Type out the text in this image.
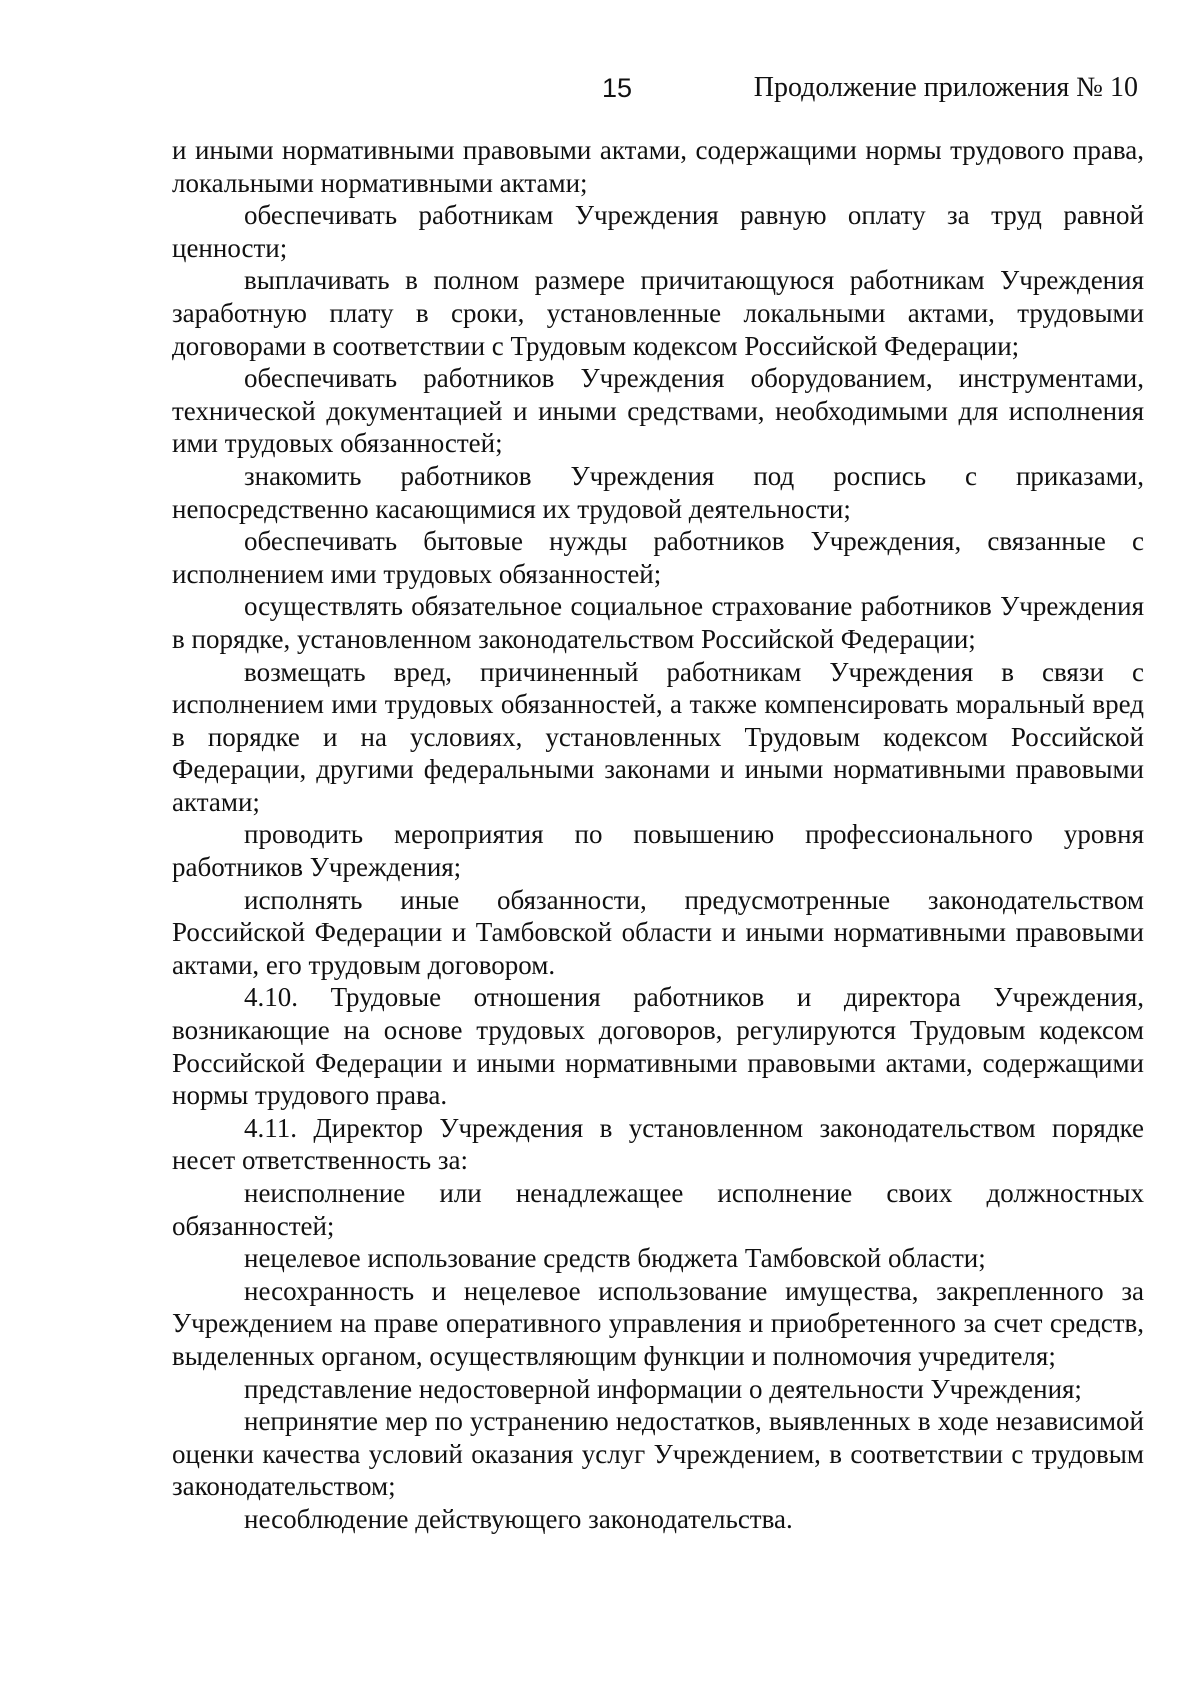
15	Продолжение приложения № 10

и иными нормативными правовыми актами, содержащими нормы трудового права, локальными нормативными актами;

обеспечивать работникам Учреждения равную оплату за труд равной ценности;

выплачивать в полном размере причитающуюся работникам Учреждения заработную плату в сроки, установленные локальными актами, трудовыми договорами в соответствии с Трудовым кодексом Российской Федерации;

обеспечивать работников Учреждения оборудованием, инструментами, технической документацией и иными средствами, необходимыми для исполнения ими трудовых обязанностей;

знакомить работников Учреждения под роспись с приказами, непосредственно касающимися их трудовой деятельности;

обеспечивать бытовые нужды работников Учреждения, связанные с исполнением ими трудовых обязанностей;

осуществлять обязательное социальное страхование работников Учреждения в порядке, установленном законодательством Российской Федерации;

возмещать вред, причиненный работникам Учреждения в связи с исполнением ими трудовых обязанностей, а также компенсировать моральный вред в порядке и на условиях, установленных Трудовым кодексом Российской Федерации, другими федеральными законами и иными нормативными правовыми актами;

проводить мероприятия по повышению профессионального уровня работников Учреждения;

исполнять иные обязанности, предусмотренные законодательством Российской Федерации и Тамбовской области и иными нормативными правовыми актами, его трудовым договором.

4.10. Трудовые отношения работников и директора Учреждения, возникающие на основе трудовых договоров, регулируются Трудовым кодексом Российской Федерации и иными нормативными правовыми актами, содержащими нормы трудового права.

4.11. Директор Учреждения в установленном законодательством порядке несет ответственность за:

неисполнение или ненадлежащее исполнение своих должностных обязанностей;

нецелевое использование средств бюджета Тамбовской области;

несохранность и нецелевое использование имущества, закрепленного за Учреждением на праве оперативного управления и приобретенного за счет средств, выделенных органом, осуществляющим функции и полномочия учредителя;

представление недостоверной информации о деятельности Учреждения;

непринятие мер по устранению недостатков, выявленных в ходе независимой оценки качества условий оказания услуг Учреждением, в соответствии с трудовым законодательством;

несоблюдение действующего законодательства.
